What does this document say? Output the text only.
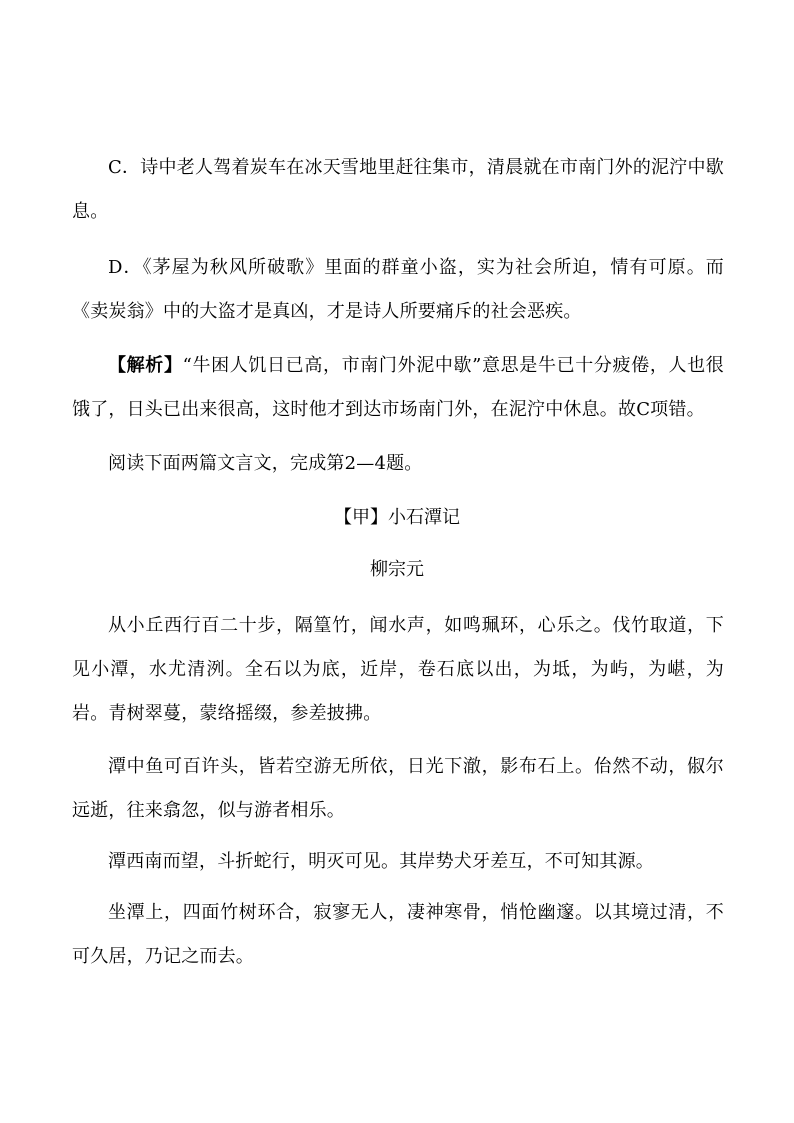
C．诗中老人驾着炭车在冰天雪地里赶往集市，清晨就在市南门外的泥泞中歇息。

D．《茅屋为秋风所破歌》里面的群童小盗，实为社会所迫，情有可原。而《卖炭翁》中的大盗才是真凶，才是诗人所要痛斥的社会恶疾。

【解析】“牛困人饥日已高，市南门外泥中歇”意思是牛已十分疲倦，人也很饿了，日头已出来很高，这时他才到达市场南门外，在泥泞中休息。故C项错。

阅读下面两篇文言文，完成第2—4题。

【甲】小石潭记

柳宗元

从小丘西行百二十步，隔篁竹，闻水声，如鸣珮环，心乐之。伐竹取道，下见小潭，水尤清洌。全石以为底，近岸，卷石底以出，为坻，为屿，为嵁，为岩。青树翠蔓，蒙络摇缀，参差披拂。

潭中鱼可百许头，皆若空游无所依，日光下澈，影布石上。佁然不动，俶尔远逝，往来翕忽，似与游者相乐。

潭西南而望，斗折蛇行，明灭可见。其岸势犬牙差互，不可知其源。

坐潭上，四面竹树环合，寂寥无人，凄神寒骨，悄怆幽邃。以其境过清，不可久居，乃记之而去。
